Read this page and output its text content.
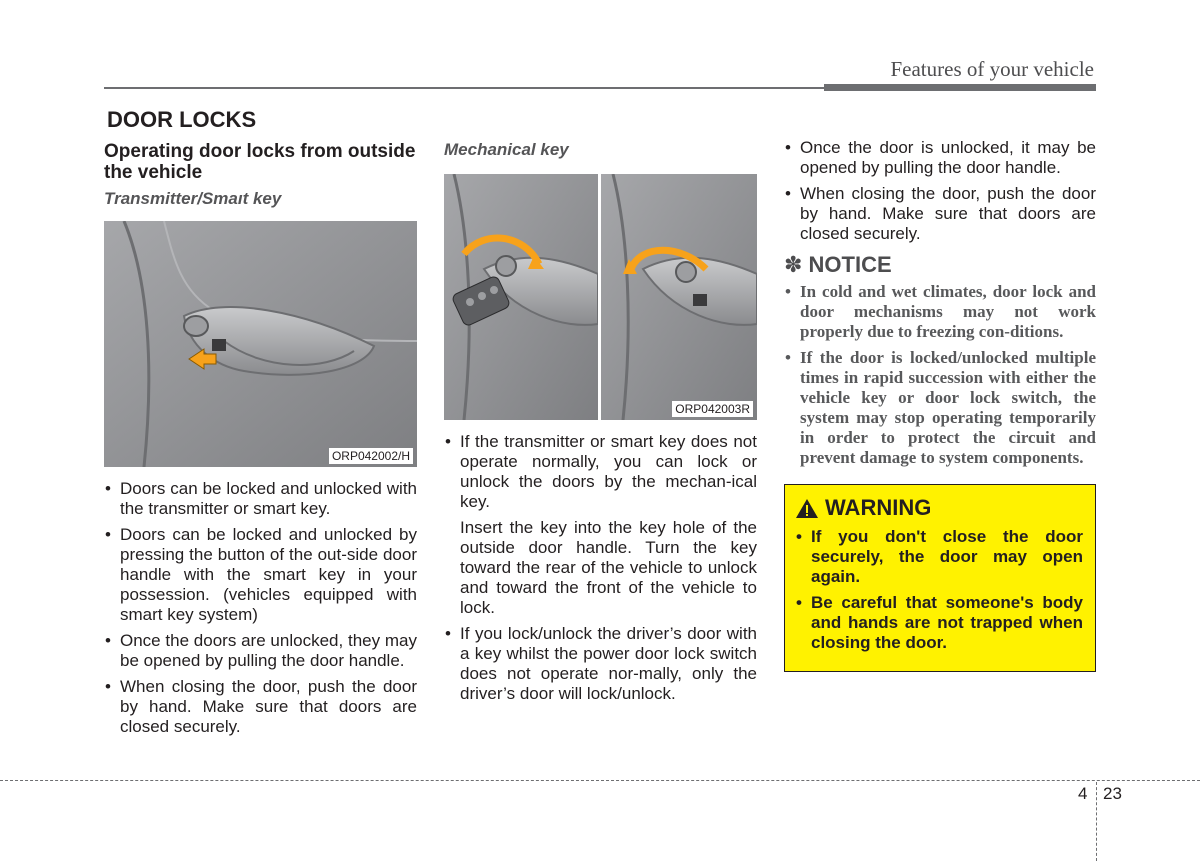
Features of your vehicle
DOOR LOCKS
Operating door locks from outside the vehicle
Transmitter/Smaıt key
ORP042002/H
• Doors can be locked and unlocked with the transmitter or smart key.
• Doors can be locked and unlocked by pressing the button of the out-side door handle with the smart key in your possession. (vehicles equipped with smart key system)
• Once the doors are unlocked, they may be opened by pulling the door handle.
• When closing the door, push the door by hand. Make sure that doors are closed securely.
Mechanical key
ORP042003R
• If the transmitter or smart key does not operate normally, you can lock or unlock the doors by the mechan-ical key.

Insert the key into the key hole of the outside door handle. Turn the key toward the rear of the vehicle to unlock and toward the front of the vehicle to lock.

• If you lock/unlock the driver’s door with a key whilst the power door lock switch does not operate nor-mally, only the driver’s door will lock/unlock.
• Once the door is unlocked, it may be opened by pulling the door handle.
• When closing the door, push the door by hand. Make sure that doors are closed securely.
✽ NOTICE
• In cold and wet climates, door lock and door mechanisms may not work properly due to freezing con-ditions.
• If the door is locked/unlocked multiple times in rapid succession with either the vehicle key or door lock switch, the system may stop operating temporarily in order to protect the circuit and prevent damage to system components.
WARNING
• If you don't close the door securely, the door may open again.
• Be careful that someone's body and hands are not trapped when closing the door.
4 23
